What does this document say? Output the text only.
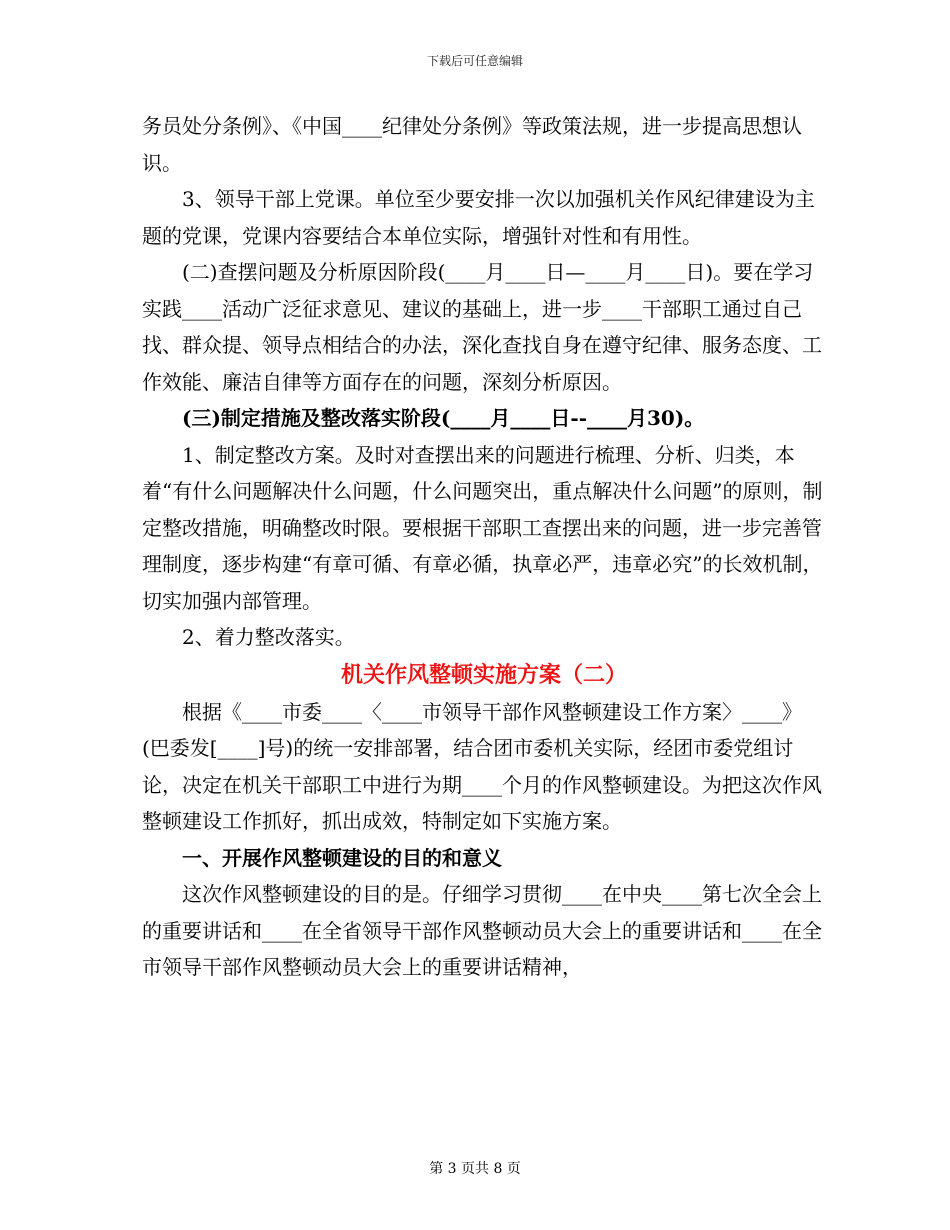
下载后可任意编辑

务员处分条例》、《中国____纪律处分条例》等政策法规，进一步提高思想认识。

3、领导干部上党课。单位至少要安排一次以加强机关作风纪律建设为主题的党课，党课内容要结合本单位实际，增强针对性和有用性。

(二)查摆问题及分析原因阶段(____月____日—____月____日)。要在学习实践____活动广泛征求意见、建议的基础上，进一步____干部职工通过自己找、群众提、领导点相结合的办法，深化查找自身在遵守纪律、服务态度、工作效能、廉洁自律等方面存在的问题，深刻分析原因。

(三)制定措施及整改落实阶段(____月____日--____月30)。

1、制定整改方案。及时对查摆出来的问题进行梳理、分析、归类，本着“有什么问题解决什么问题，什么问题突出，重点解决什么问题”的原则，制定整改措施，明确整改时限。要根据干部职工查摆出来的问题，进一步完善管理制度，逐步构建“有章可循、有章必循，执章必严，违章必究”的长效机制，切实加强内部管理。

2、着力整改落实。

机关作风整顿实施方案（二）

根据《____市委____〈____市领导干部作风整顿建设工作方案〉____》(巴委发[____]号)的统一安排部署，结合团市委机关实际，经团市委党组讨论，决定在机关干部职工中进行为期____个月的作风整顿建设。为把这次作风整顿建设工作抓好，抓出成效，特制定如下实施方案。

一、开展作风整顿建设的目的和意义

这次作风整顿建设的目的是。仔细学习贯彻____在中央____第七次全会上的重要讲话和____在全省领导干部作风整顿动员大会上的重要讲话和____在全市领导干部作风整顿动员大会上的重要讲话精神，

第 3 页共 8 页
